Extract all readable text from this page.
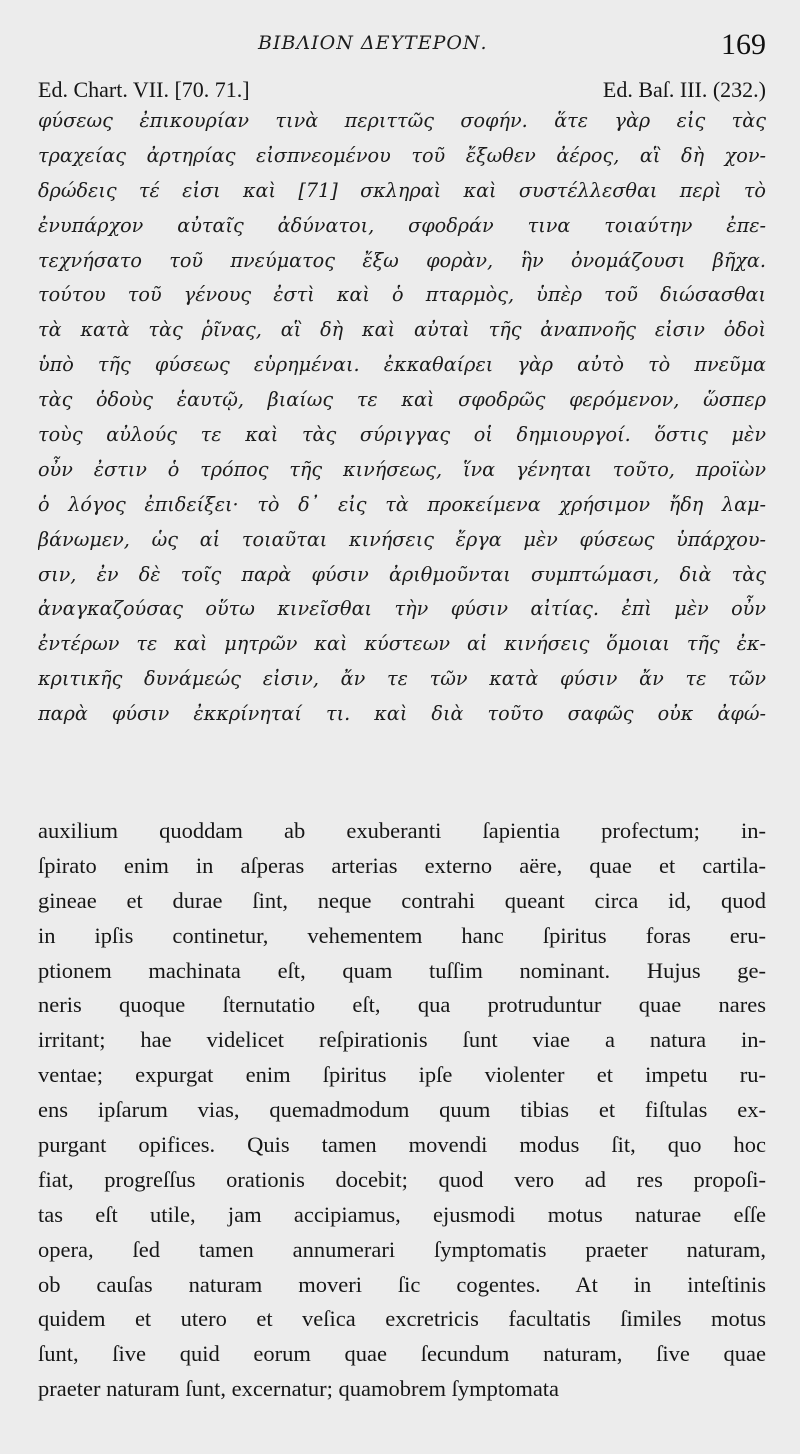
ΒΙΒΛΙΟΝ ΔΕΥΤΕΡΟΝ.	169
Ed. Chart. VII. [70. 71.]	Ed. Baſ. III. (232.)
φύσεως ἐπικουρίαν τινὰ περιττῶς σοφήν. ἅτε γὰρ εἰς τὰς
τραχείας ἀρτηρίας εἰσπνεομένου τοῦ ἔξωθεν ἀέρος, αἳ δὴ χον-
δρώδεις τέ εἰσι καὶ [71] σκληραὶ καὶ συστέλλεσθαι περὶ τὸ
ἐνυπάρχον αὐταῖς ἀδύνατοι, σφοδράν τινα τοιαύτην ἐπε-
τεχνήσατο τοῦ πνεύματος ἔξω φορὰν, ἣν ὀνομάζουσι βῆχα.
τούτου τοῦ γένους ἐστὶ καὶ ὁ πταρμὸς, ὑπὲρ τοῦ διώσασθαι
τὰ κατὰ τὰς ῥῖνας, αἳ δὴ καὶ αὐταὶ τῆς ἀναπνοῆς εἰσιν ὁδοὶ
ὑπὸ τῆς φύσεως εὑρημέναι. ἐκκαθαίρει γὰρ αὐτὸ τὸ πνεῦμα
τὰς ὁδοὺς ἑαυτῷ, βιαίως τε καὶ σφοδρῶς φερόμενον, ὥσπερ
τοὺς αὐλούς τε καὶ τὰς σύριγγας οἱ δημιουργοί. ὅστις μὲν
οὖν ἐστιν ὁ τρόπος τῆς κινήσεως, ἵνα γένηται τοῦτο, προϊὼν
ὁ λόγος ἐπιδείξει· τὸ δ᾽ εἰς τὰ προκείμενα χρήσιμον ἤδη λαμ-
βάνωμεν, ὡς αἱ τοιαῦται κινήσεις ἔργα μὲν φύσεως ὑπάρχου-
σιν, ἐν δὲ τοῖς παρὰ φύσιν ἀριθμοῦνται συμπτώμασι, διὰ τὰς
ἀναγκαζούσας οὕτω κινεῖσθαι τὴν φύσιν αἰτίας. ἐπὶ μὲν οὖν
ἐντέρων τε καὶ μητρῶν καὶ κύστεων αἱ κινήσεις ὅμοιαι τῆς ἐκ-
κριτικῆς δυνάμεώς εἰσιν, ἄν τε τῶν κατὰ φύσιν ἄν τε τῶν
παρὰ φύσιν ἐκκρίνηταί τι. καὶ διὰ τοῦτο σαφῶς οὐκ ἀφώ-
auxilium quoddam ab exuberanti ſapientia profectum; in-
ſpirato enim in aſperas arterias externo aëre, quae et cartila-
gineae et durae ſint, neque contrahi queant circa id, quod
in ipſis continetur, vehementem hanc ſpiritus foras eru-
ptionem machinata eſt, quam tuſſim nominant. Hujus ge-
neris quoque ſternutatio eſt, qua protruduntur quae nares
irritant; hae videlicet reſpirationis ſunt viae a natura in-
ventae; expurgat enim ſpiritus ipſe violenter et impetu ru-
ens ipſarum vias, quemadmodum quum tibias et fiſtulas ex-
purgant opifices. Quis tamen movendi modus ſit, quo hoc
fiat, progreſſus orationis docebit; quod vero ad res propoſi-
tas eſt utile, jam accipiamus, ejusmodi motus naturae eſſe
opera, ſed tamen annumerari ſymptomatis praeter naturam,
ob cauſas naturam moveri ſic cogentes. At in inteſtinis
quidem et utero et veſica excretricis facultatis ſimiles motus
ſunt, ſive quid eorum quae ſecundum naturam, ſive quae
praeter naturam ſunt, excernatur; quamobrem ſymptomata
